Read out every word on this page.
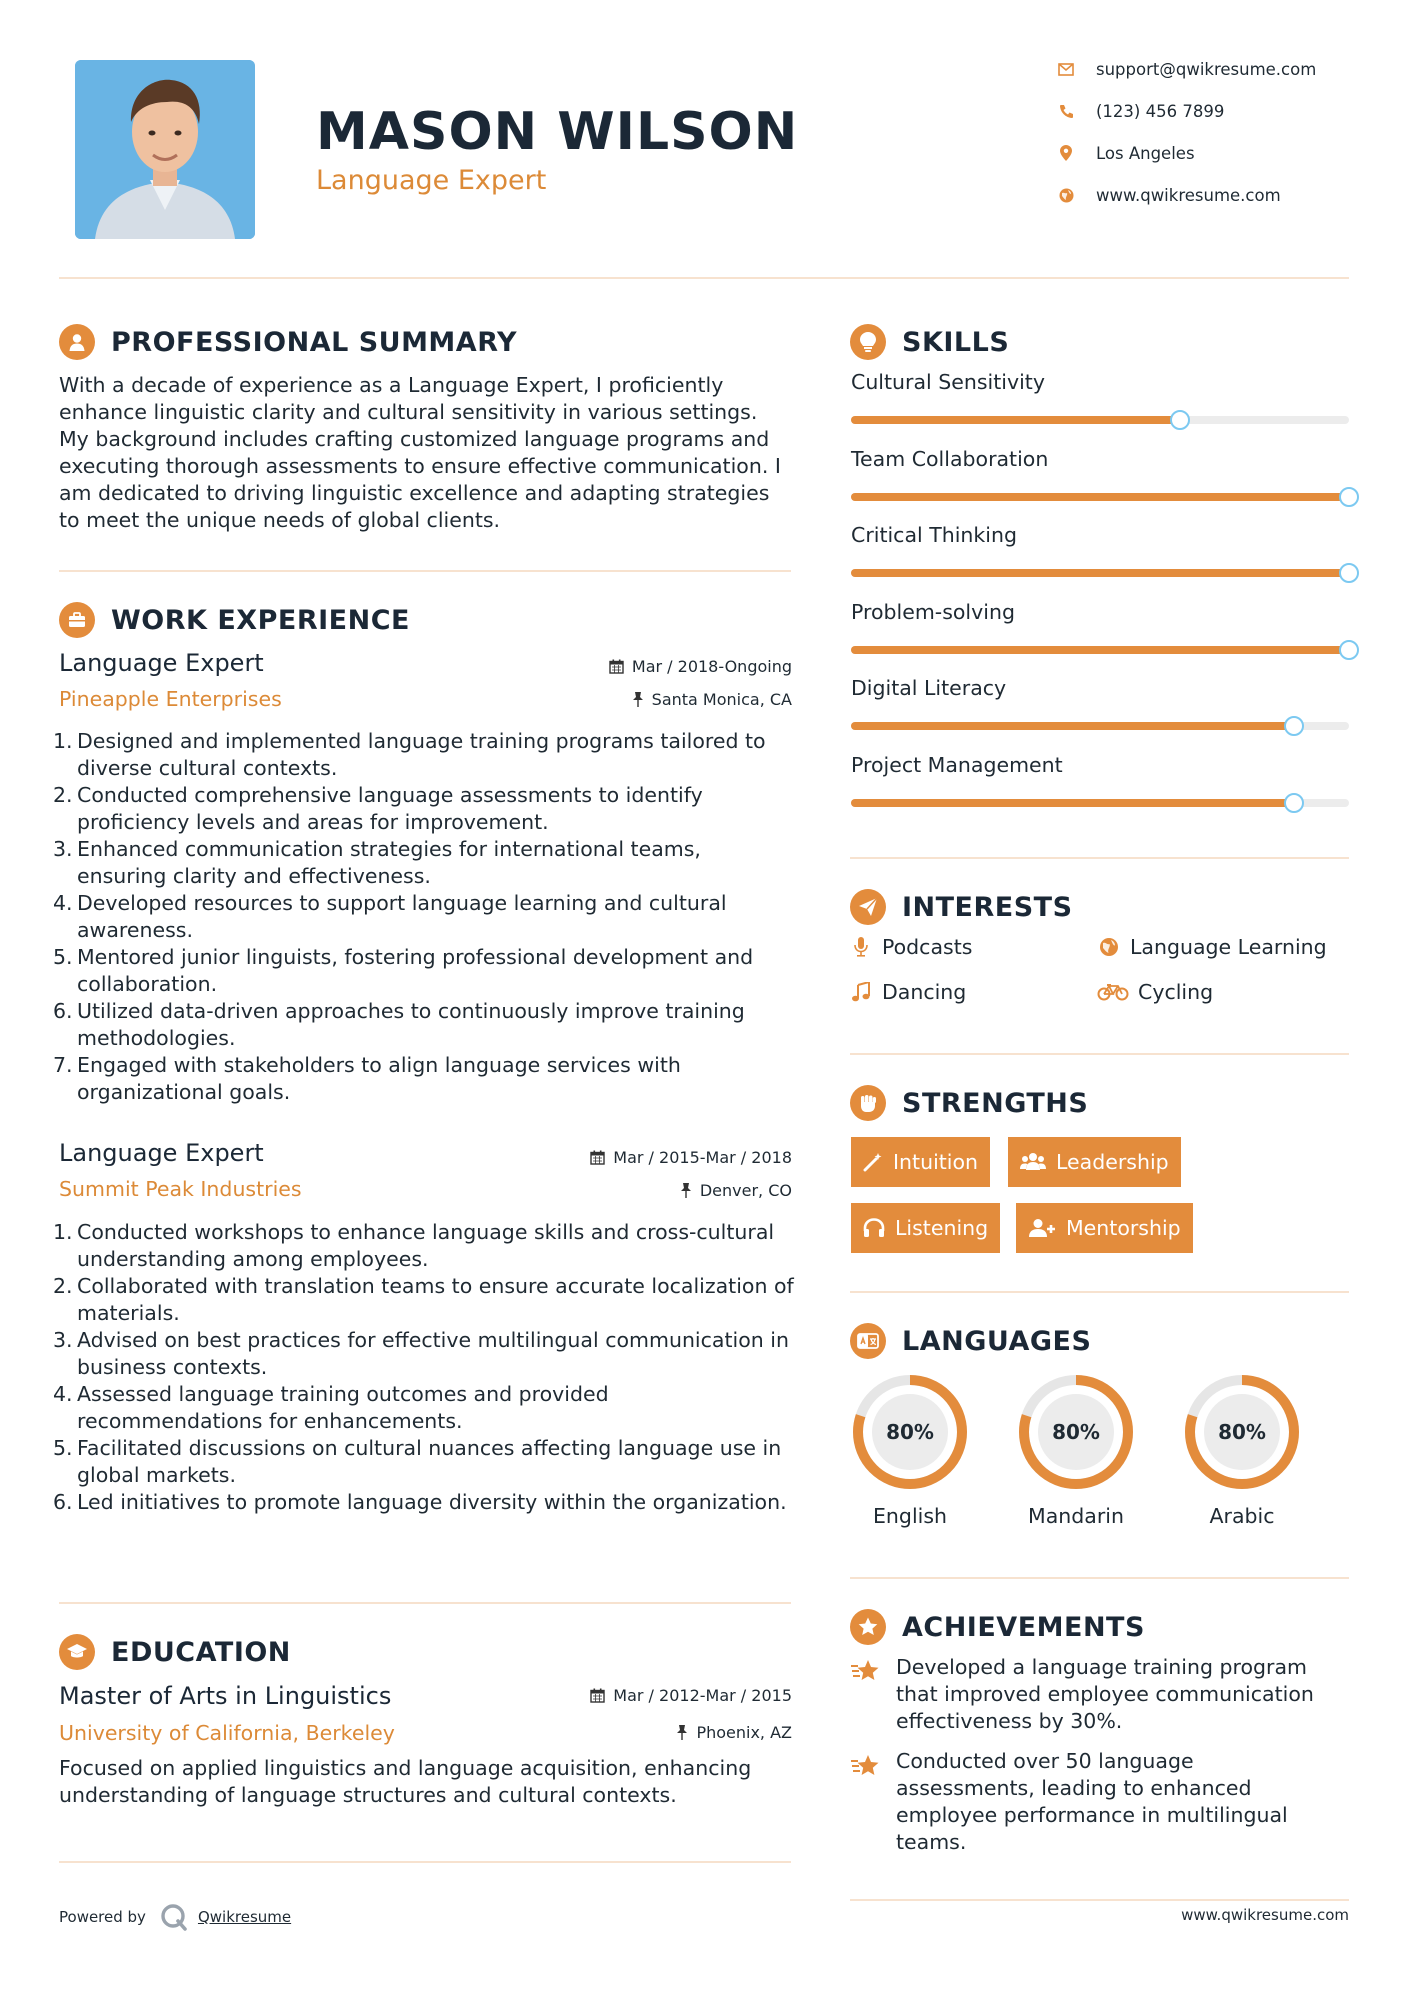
MASON WILSON
Language Expert
support@qwikresume.com
(123) 456 7899
Los Angeles
www.qwikresume.com
PROFESSIONAL SUMMARY
With a decade of experience as a Language Expert, I proficiently enhance linguistic clarity and cultural sensitivity in various settings. My background includes crafting customized language programs and executing thorough assessments to ensure effective communication. I am dedicated to driving linguistic excellence and adapting strategies to meet the unique needs of global clients.
WORK EXPERIENCE
Language Expert	Mar / 2018-Ongoing
Pineapple Enterprises	Santa Monica, CA
1. Designed and implemented language training programs tailored to diverse cultural contexts.
2. Conducted comprehensive language assessments to identify proficiency levels and areas for improvement.
3. Enhanced communication strategies for international teams, ensuring clarity and effectiveness.
4. Developed resources to support language learning and cultural awareness.
5. Mentored junior linguists, fostering professional development and collaboration.
6. Utilized data-driven approaches to continuously improve training methodologies.
7. Engaged with stakeholders to align language services with organizational goals.
Language Expert	Mar / 2015-Mar / 2018
Summit Peak Industries	Denver, CO
1. Conducted workshops to enhance language skills and cross-cultural understanding among employees.
2. Collaborated with translation teams to ensure accurate localization of materials.
3. Advised on best practices for effective multilingual communication in business contexts.
4. Assessed language training outcomes and provided recommendations for enhancements.
5. Facilitated discussions on cultural nuances affecting language use in global markets.
6. Led initiatives to promote language diversity within the organization.
EDUCATION
Master of Arts in Linguistics	Mar / 2012-Mar / 2015
University of California, Berkeley	Phoenix, AZ
Focused on applied linguistics and language acquisition, enhancing understanding of language structures and cultural contexts.
Powered by	Qwikresume
SKILLS
Cultural Sensitivity
Team Collaboration
Critical Thinking
Problem-solving
Digital Literacy
Project Management
INTERESTS
Podcasts	Language Learning
Dancing	Cycling
STRENGTHS
Intuition	Leadership
Listening	Mentorship
LANGUAGES
80%
English
80%
Mandarin
80%
Arabic
ACHIEVEMENTS
Developed a language training program that improved employee communication effectiveness by 30%.
Conducted over 50 language assessments, leading to enhanced employee performance in multilingual teams.
www.qwikresume.com
